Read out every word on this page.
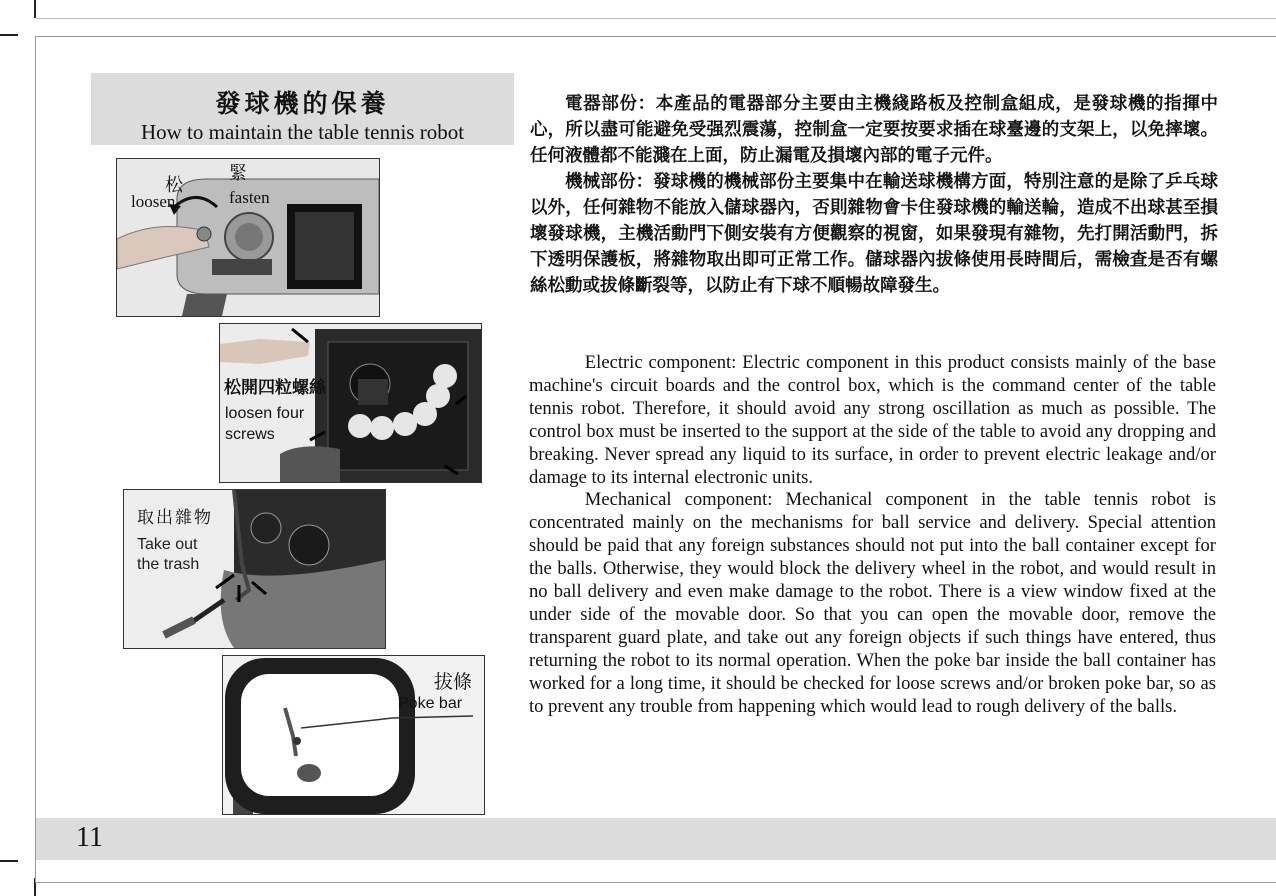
11
發球機的保養
How to maintain the table tennis robot
松
loosen
緊
fasten
松開四粒螺絲
loosen four
screws
取出雜物
Take out
the trash
拔條
Poke bar

電器部份：本產品的電器部分主要由主機綫路板及控制盒組成，是發球機的指揮中心，所以盡可能避免受强烈震蕩，控制盒一定要按要求插在球臺邊的支架上，以免摔壞。任何液體都不能濺在上面，防止漏電及損壞內部的電子元件。

機械部份：發球機的機械部份主要集中在輸送球機構方面，特別注意的是除了乒乓球以外，任何雜物不能放入儲球器內，否則雜物會卡住發球機的輸送輪，造成不出球甚至損壞發球機，主機活動門下側安裝有方便觀察的視窗，如果發現有雜物，先打開活動門，拆下透明保護板，將雜物取出即可正常工作。儲球器內拔條使用長時間后，需檢查是否有螺絲松動或拔條斷裂等，以防止有下球不順暢故障發生。

Electric component: Electric component in this product consists mainly of the base machine's circuit boards and the control box, which is the command center of the table tennis robot. Therefore, it should avoid any strong oscillation as much as possible. The control box must be inserted to the support at the side of the table to avoid any dropping and breaking. Never spread any liquid to its surface, in order to prevent electric leakage and/or damage to its internal electronic units.

Mechanical component: Mechanical component in the table tennis robot is concentrated mainly on the mechanisms for ball service and delivery. Special attention should be paid that any foreign substances should not put into the ball container except for the balls. Otherwise, they would block the delivery wheel in the robot, and would result in no ball delivery and even make damage to the robot. There is a view window fixed at the under side of the movable door. So that you can open the movable door, remove the transparent guard plate, and take out any foreign objects if such things have entered, thus returning the robot to its normal operation. When the poke bar inside the ball container has worked for a long time, it should be checked for loose screws and/or broken poke bar, so as to prevent any trouble from happening which would lead to rough delivery of the balls.
